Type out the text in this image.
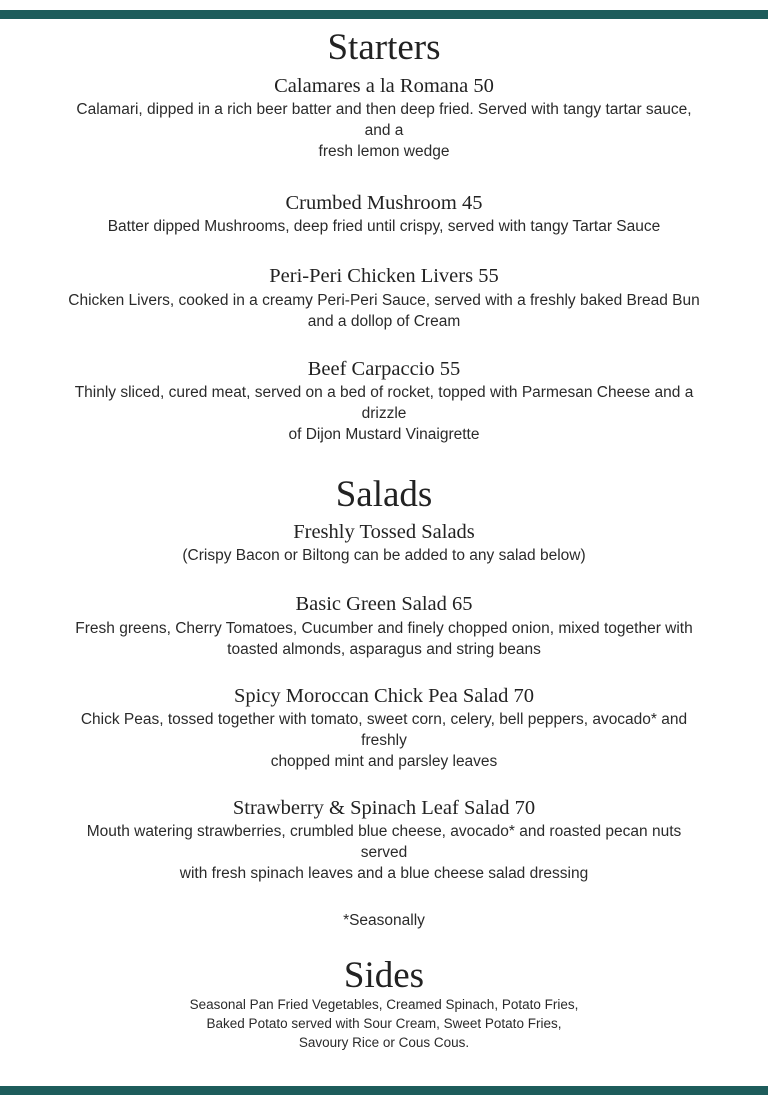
Starters
Calamares a la Romana 50
Calamari, dipped in a rich beer batter and then deep fried. Served with tangy tartar sauce,
and a
fresh lemon wedge
Crumbed Mushroom 45
Batter dipped Mushrooms, deep fried until crispy, served with tangy Tartar Sauce
Peri-Peri Chicken Livers 55
Chicken Livers, cooked in a creamy Peri-Peri Sauce, served with a freshly baked Bread Bun
and a dollop of Cream
Beef Carpaccio 55
Thinly sliced, cured meat, served on a bed of rocket, topped with Parmesan Cheese and a
drizzle
of Dijon Mustard Vinaigrette
Salads
Freshly Tossed Salads
(Crispy Bacon or Biltong can be added to any salad below)
Basic Green Salad 65
Fresh greens, Cherry Tomatoes, Cucumber and finely chopped onion, mixed together with
toasted almonds, asparagus and string beans
Spicy Moroccan Chick Pea Salad 70
Chick Peas, tossed together with tomato, sweet corn, celery, bell peppers, avocado* and
freshly
chopped mint and parsley leaves
Strawberry & Spinach Leaf Salad 70
Mouth watering strawberries, crumbled blue cheese, avocado* and roasted pecan nuts
served
with fresh spinach leaves and a blue cheese salad dressing
*Seasonally
Sides
Seasonal Pan Fried Vegetables, Creamed Spinach, Potato Fries,
Baked Potato served with Sour Cream, Sweet Potato Fries,
Savoury Rice or Cous Cous.
